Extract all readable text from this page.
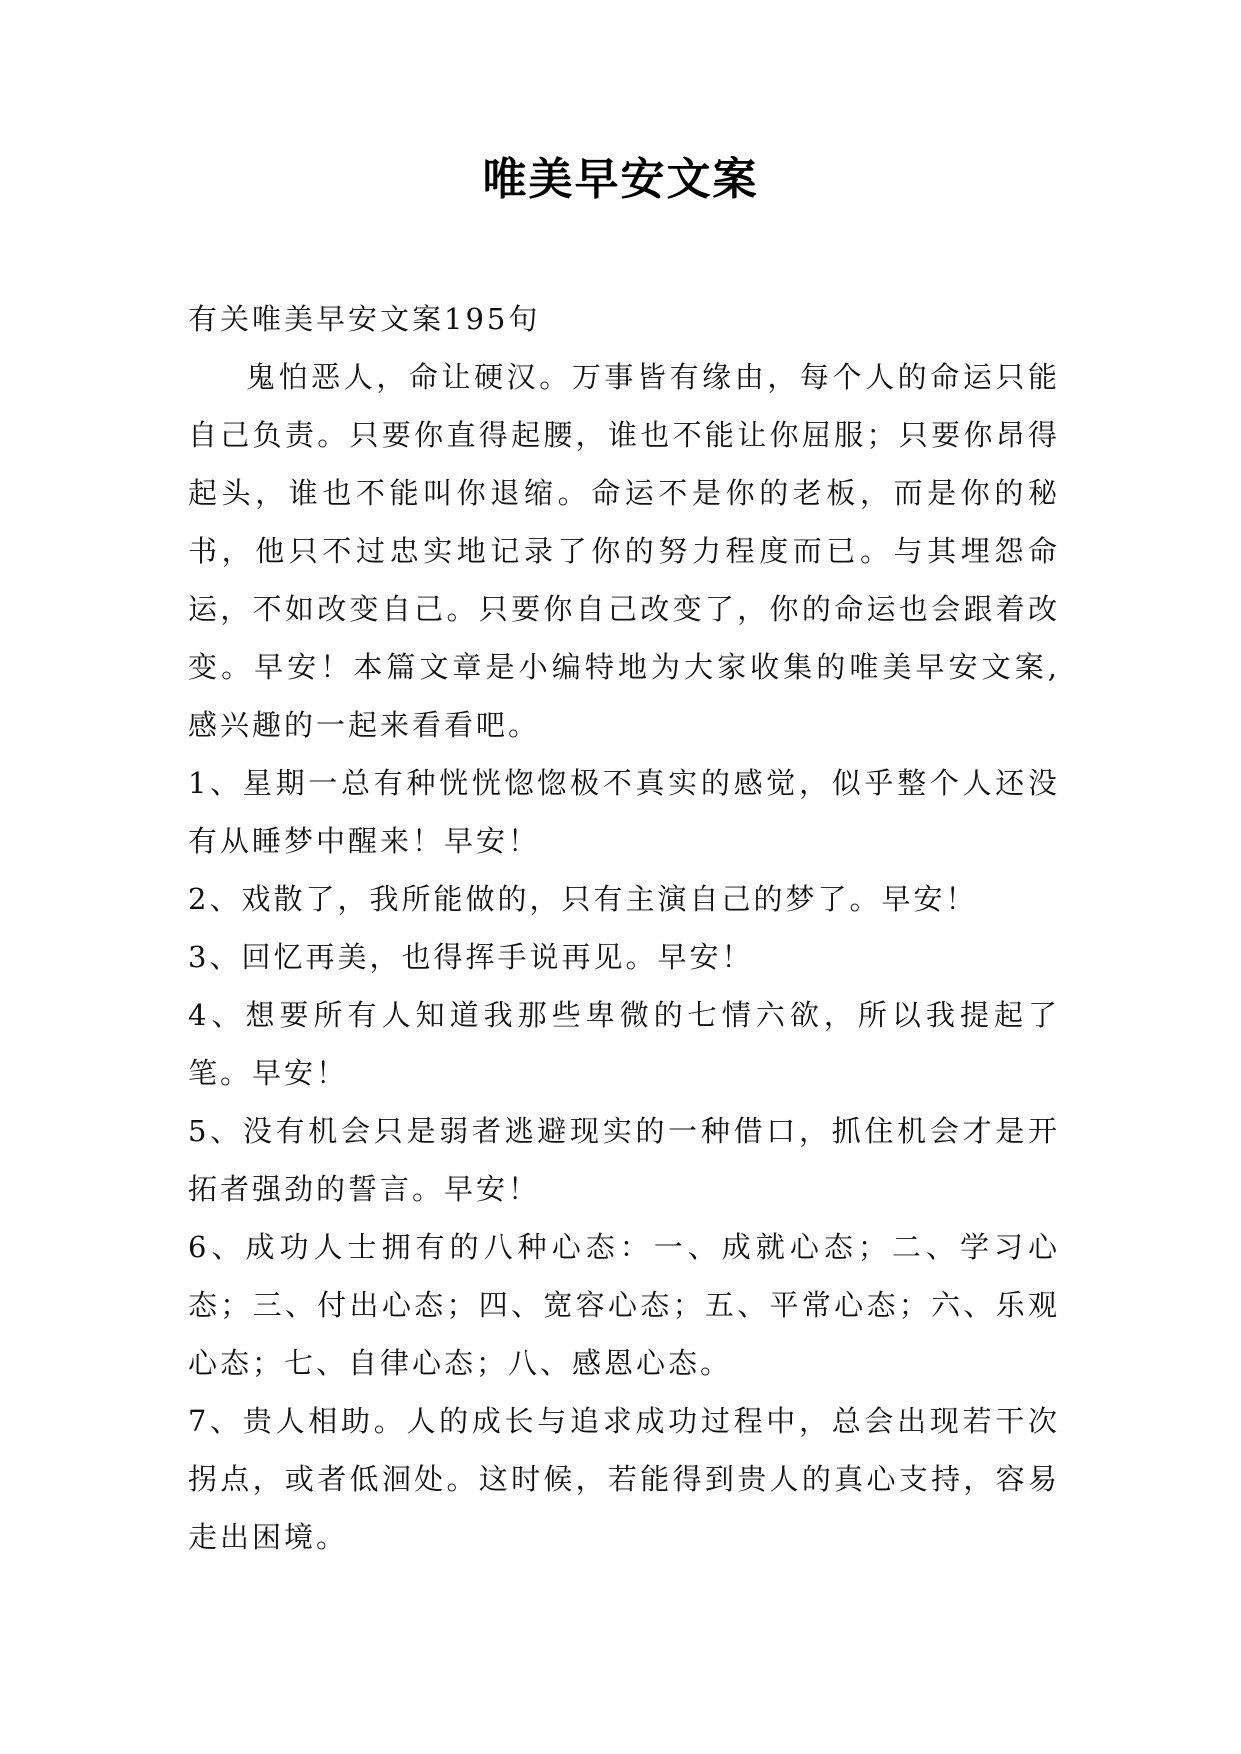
唯美早安文案

有关唯美早安文案195句

鬼怕恶人，命让硬汉。万事皆有缘由，每个人的命运只能自己负责。只要你直得起腰，谁也不能让你屈服；只要你昂得起头，谁也不能叫你退缩。命运不是你的老板，而是你的秘书，他只不过忠实地记录了你的努力程度而已。与其埋怨命运，不如改变自己。只要你自己改变了，你的命运也会跟着改变。早安！本篇文章是小编特地为大家收集的唯美早安文案,感兴趣的一起来看看吧。

1、星期一总有种恍恍惚惚极不真实的感觉，似乎整个人还没有从睡梦中醒来！早安！

2、戏散了，我所能做的，只有主演自己的梦了。早安！

3、回忆再美，也得挥手说再见。早安！

4、想要所有人知道我那些卑微的七情六欲，所以我提起了笔。早安！

5、没有机会只是弱者逃避现实的一种借口，抓住机会才是开拓者强劲的誓言。早安！

6、成功人士拥有的八种心态：一、成就心态；二、学习心态；三、付出心态；四、宽容心态；五、平常心态；六、乐观心态；七、自律心态；八、感恩心态。

7、贵人相助。人的成长与追求成功过程中，总会出现若干次拐点，或者低洄处。这时候，若能得到贵人的真心支持，容易走出困境。
